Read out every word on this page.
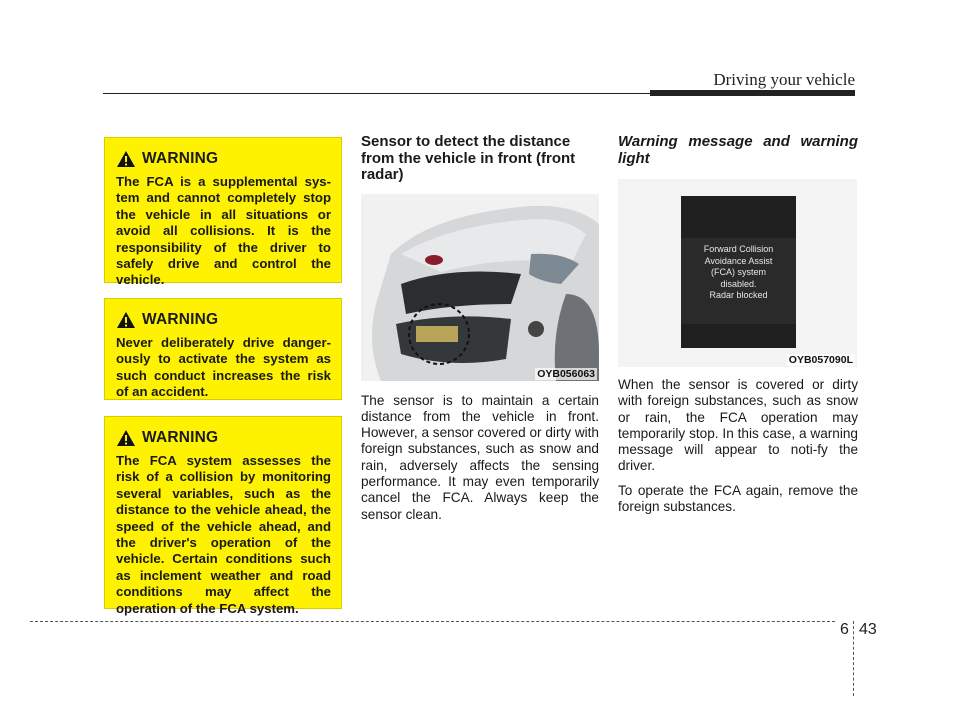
Driving your vehicle
WARNING
The FCA is a supplemental sys-tem and cannot completely stop the vehicle in all situations or avoid all collisions. It is the responsibility of the driver to safely drive and control the vehicle.
WARNING
Never deliberately drive danger-ously to activate the system as such conduct increases the risk of an accident.
WARNING
The FCA system assesses the risk of a collision by monitoring several variables, such as the distance to the vehicle ahead, the speed of the vehicle ahead, and the driver's operation of the vehicle. Certain conditions such as inclement weather and road conditions may affect the operation of the FCA system.
Sensor to detect the distance from the vehicle in front (front radar)
OYB056063

The sensor is to maintain a certain distance from the vehicle in front. However, a sensor covered or dirty with foreign substances, such as snow and rain, adversely affects the sensing performance. It may even temporarily cancel the FCA. Always keep the sensor clean.

Warning message and warning light
Forward Collision
Avoidance Assist
(FCA) system
disabled.
Radar blocked
OYB057090L

When the sensor is covered or dirty with foreign substances, such as snow or rain, the FCA operation may temporarily stop. In this case, a warning message will appear to noti-fy the driver.

To operate the FCA again, remove the foreign substances.

6 43
